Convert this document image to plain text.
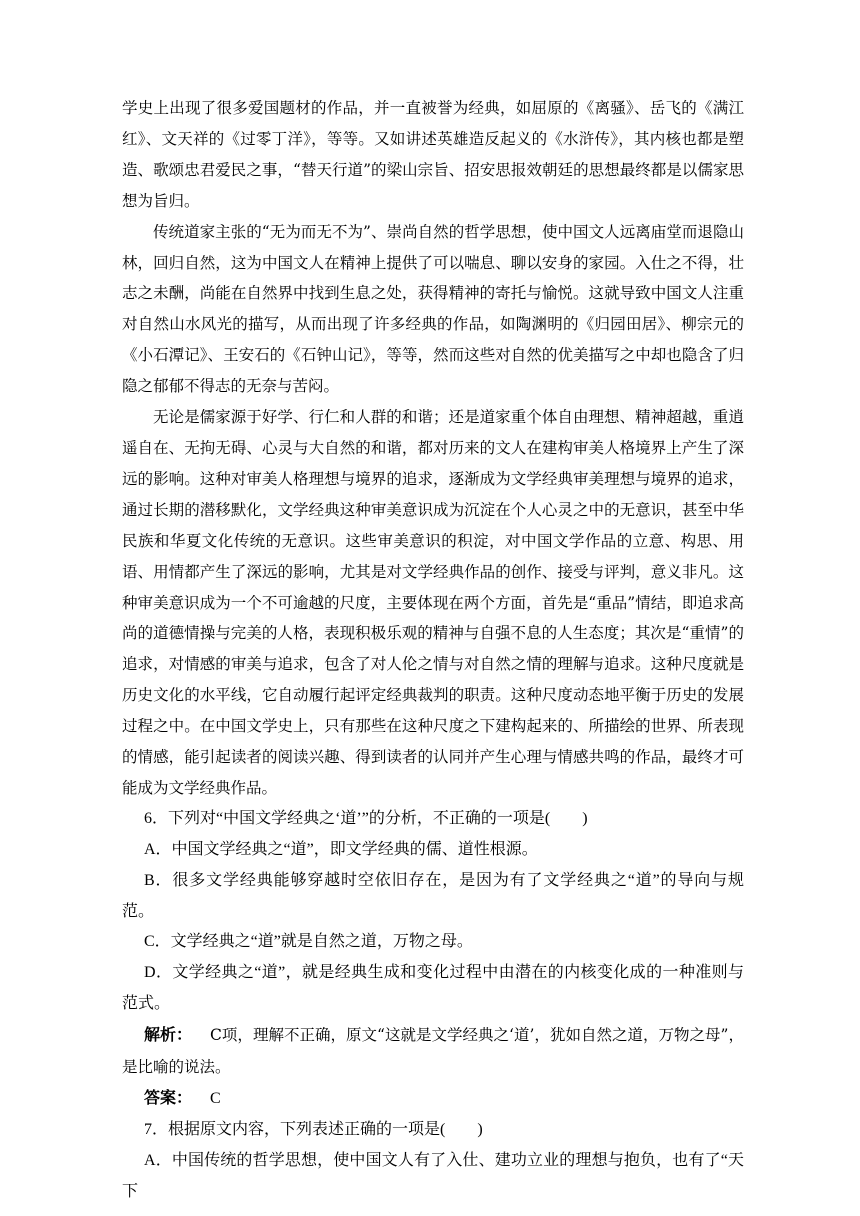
学史上出现了很多爱国题材的作品，并一直被誉为经典，如屈原的《离骚》、岳飞的《满江红》、文天祥的《过零丁洋》，等等。又如讲述英雄造反起义的《水浒传》，其内核也都是塑造、歌颂忠君爱民之事，“替天行道”的梁山宗旨、招安思报效朝廷的思想最终都是以儒家思想为旨归。

传统道家主张的“无为而无不为”、崇尚自然的哲学思想，使中国文人远离庙堂而退隐山林，回归自然，这为中国文人在精神上提供了可以喘息、聊以安身的家园。入仕之不得，壮志之未酬，尚能在自然界中找到生息之处，获得精神的寄托与愉悦。这就导致中国文人注重对自然山水风光的描写，从而出现了许多经典的作品，如陶渊明的《归园田居》、柳宗元的《小石潭记》、王安石的《石钟山记》，等等，然而这些对自然的优美描写之中却也隐含了归隐之郁郁不得志的无奈与苦闷。

无论是儒家源于好学、行仁和人群的和谐；还是道家重个体自由理想、精神超越，重逍遥自在、无拘无碍、心灵与大自然的和谐，都对历来的文人在建构审美人格境界上产生了深远的影响。这种对审美人格理想与境界的追求，逐渐成为文学经典审美理想与境界的追求，通过长期的潜移默化，文学经典这种审美意识成为沉淀在个人心灵之中的无意识，甚至中华民族和华夏文化传统的无意识。这些审美意识的积淀，对中国文学作品的立意、构思、用语、用情都产生了深远的影响，尤其是对文学经典作品的创作、接受与评判，意义非凡。这种审美意识成为一个不可逾越的尺度，主要体现在两个方面，首先是“重品”情结，即追求高尚的道德情操与完美的人格，表现积极乐观的精神与自强不息的人生态度；其次是“重情”的追求，对情感的审美与追求，包含了对人伦之情与对自然之情的理解与追求。这种尺度就是历史文化的水平线，它自动履行起评定经典裁判的职责。这种尺度动态地平衡于历史的发展过程之中。在中国文学史上，只有那些在这种尺度之下建构起来的、所描绘的世界、所表现的情感，能引起读者的阅读兴趣、得到读者的认同并产生心理与情感共鸣的作品，最终才可能成为文学经典作品。

6．下列对“中国文学经典之‘道’”的分析，不正确的一项是(　　)

A．中国文学经典之“道”，即文学经典的儒、道性根源。

B．很多文学经典能够穿越时空依旧存在，是因为有了文学经典之“道”的导向与规范。

C．文学经典之“道”就是自然之道，万物之母。

D．文学经典之“道”，就是经典生成和变化过程中由潜在的内核变化成的一种准则与范式。

解析： C项，理解不正确，原文“这就是文学经典之‘道’，犹如自然之道，万物之母”，是比喻的说法。

答案： C

7．根据原文内容，下列表述正确的一项是(　　)

A．中国传统的哲学思想，使中国文人有了入仕、建功立业的理想与抱负，也有了“天下
